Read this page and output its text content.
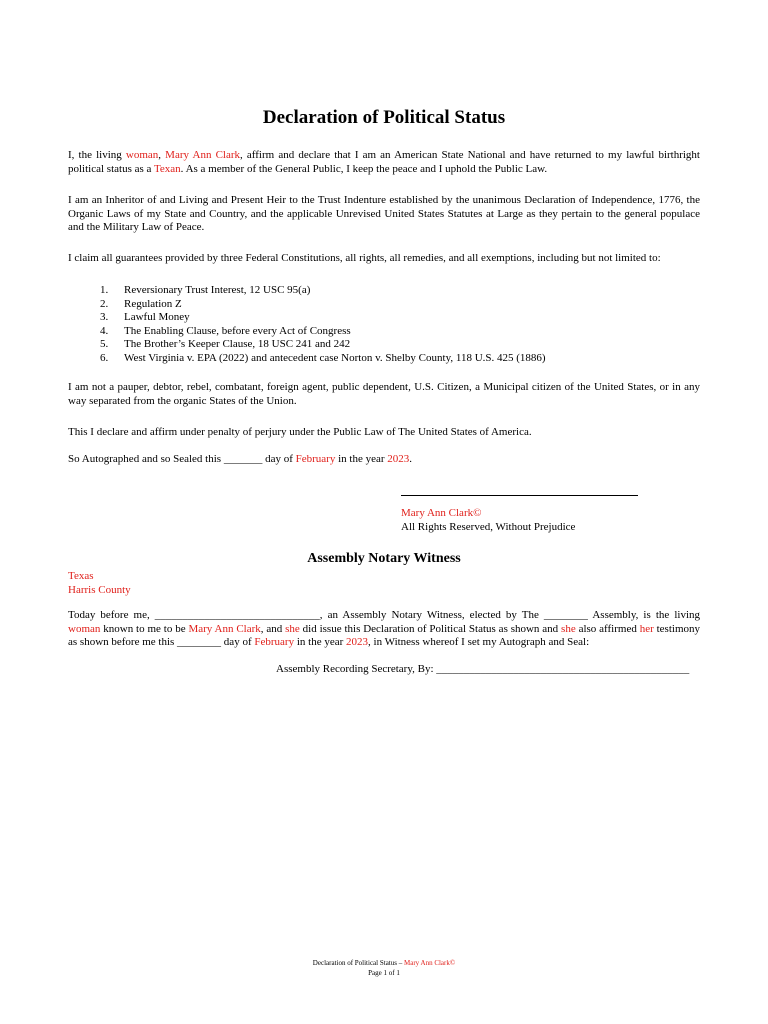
Declaration of Political Status

I, the living woman, Mary Ann Clark, affirm and declare that I am an American State National and have returned to my lawful birthright political status as a Texan. As a member of the General Public, I keep the peace and I uphold the Public Law.

I am an Inheritor of and Living and Present Heir to the Trust Indenture established by the unanimous Declaration of Independence, 1776, the Organic Laws of my State and Country, and the applicable Unrevised United States Statutes at Large as they pertain to the general populace and the Military Law of Peace.

I claim all guarantees provided by three Federal Constitutions, all rights, all remedies, and all exemptions, including but not limited to:

1. Reversionary Trust Interest, 12 USC 95(a)
2. Regulation Z
3. Lawful Money
4. The Enabling Clause, before every Act of Congress
5. The Brother’s Keeper Clause, 18 USC 241 and 242
6. West Virginia v. EPA (2022) and antecedent case Norton v. Shelby County, 118 U.S. 425 (1886)

I am not a pauper, debtor, rebel, combatant, foreign agent, public dependent, U.S. Citizen, a Municipal citizen of the United States, or in any way separated from the organic States of the Union.

This I declare and affirm under penalty of perjury under the Public Law of The United States of America.

So Autographed and so Sealed this _______ day of February in the year 2023.

Mary Ann Clark©
All Rights Reserved, Without Prejudice
Assembly Notary Witness
Texas
Harris County

Today before me, ______________________________, an Assembly Notary Witness, elected by The ________ Assembly, is the living woman known to me to be Mary Ann Clark, and she did issue this Declaration of Political Status as shown and she also affirmed her testimony as shown before me this ________ day of February in the year 2023, in Witness whereof I set my Autograph and Seal:

Assembly Recording Secretary, By: ______________________________________________
Declaration of Political Status – Mary Ann Clark©
Page 1 of 1
